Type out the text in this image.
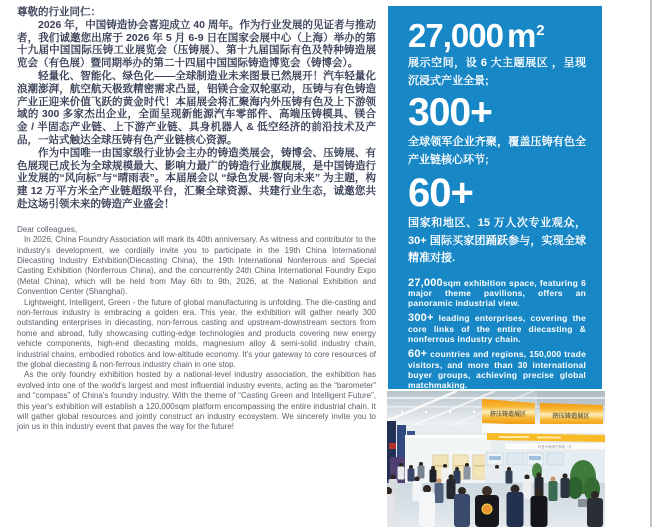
尊敬的行业同仁：

2026 年，中国铸造协会喜迎成立 40 周年。作为行业发展的见证者与推动者，我们诚邀您出席于 2026 年 5 月 6-9 日在国家会展中心（上海）举办的第十九届中国国际压铸工业展览会（压铸展）、第十九届国际有色及特种铸造展览会（有色展）暨同期举办的第二十四届中国国际铸造博览会（铸博会）。

轻量化、智能化、绿色化——全球制造业未来图景已然展开！汽车轻量化浪潮澎湃，航空航天极致精密需求凸显，铝镁合金双轮驱动，压铸与有色铸造产业正迎来价值飞跃的黄金时代！本届展会将汇聚海内外压铸有色及上下游领域的 300 多家杰出企业，全面呈现新能源汽车零部件、高端压铸模具、镁合金 / 半固态产业链、上下游产业链、具身机器人 & 低空经济的前沿技术及产品，一站式触达全球压铸有色产业链核心资源。

作为中国唯一由国家级行业协会主办的铸造类展会，铸博会、压铸展、有色展现已成长为全球规模最大、影响力最广的铸造行业旗舰展，是中国铸造行业发展的“风向标”与“晴雨表”。本届展会以 “绿色发展·智向未来” 为主题，构建 12 万平方米全产业链超级平台，汇聚全球资源、共建行业生态，诚邀您共赴这场引领未来的铸造产业盛会！

Dear colleagues,

In 2026, China Foundry Association will mark its 40th anniversary. As witness and contributor to the industry's development, we cordially invite you to participate in the 19th China International Diecasting Industry Exhibition(Diecasting China), the 19th International Nonferrous and Special Casting Exhibition (Nonferrous China), and the concurrently 24th China International Foundry Expo (Metal China), which will be held from May 6th to 9th, 2026, at the National Exhibition and Convention Center (Shanghai).

Lightweight, Intelligent, Green - the future of global manufacturing is unfolding. The die-casting and non-ferrous industry is embracing a golden era. This year, the exhibition will gather nearly 300 outstanding enterprises in diecasting, non-ferrous casting and upstream-downstream sectors from home and abroad, fully showcasing cutting-edge technologies and products covering new energy vehicle components, high-end diecasting molds, magnesium alloy & semi-solid industry chain, industrial chains, embodied robotics and low-altitude economy. It's your gateway to core resources of the global diecasting & non-ferrous industry chain in one stop.

As the only foundry exhibition hosted by a national-level industry association, the exhibition has evolved into one of the world's largest and most influential industry events, acting as the “barometer” and “compass” of China's foundry industry. With the theme of “Casting Green and Intelligent Future”, this year's exhibition will establish a 120,000sqm platform encompassing the entire industrial chain. It will gather global resources and jointly construct an industry ecosystem. We sincerely invite you to join us in this industry event that paves the way for the future!

27,000 $m^2$

展示空间，设 6 大主题展区 ，呈现沉浸式产业全景;

300+

全球领军企业齐聚，覆盖压铸有色全产业链核心环节;

60+

国家和地区、15 万人次专业观众，30+ 国际买家团踊跃参与，实现全球精准对接.

27,000sqm exhibition space, featuring 6 major theme pavilions, offers an panoramic industrial view.

300+ leading enterprises, covering the core links of the entire diecasting & nonferrous industry chain.

60+ countries and regions, 150,000 trade visitors, and more than 30 international buyer groups, achieving precise global matchmaking.

挤压铸造展区	挤压铸造展区
科曼车辆部件系统（苏
